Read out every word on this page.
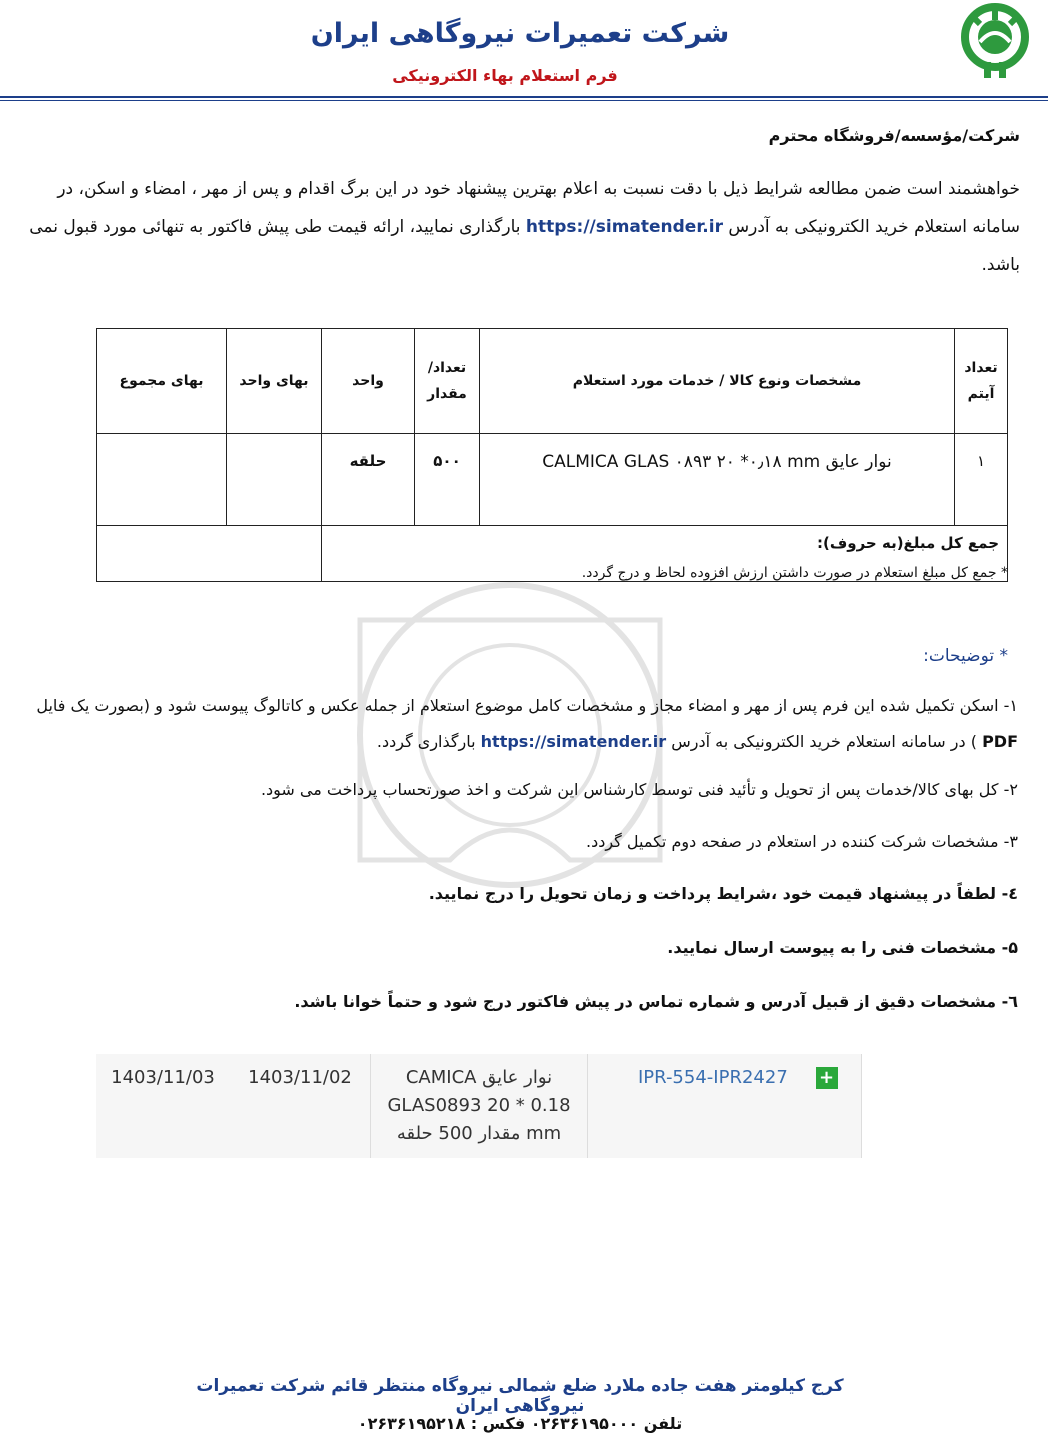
شرکت تعمیرات نیروگاهی ایران
فرم استعلام بهاء الکترونیکی
شرکت/مؤسسه/فروشگاه محترم
خواهشمند است ضمن مطالعه شرایط ذیل با دقت نسبت به اعلام بهترین پیشنهاد خود در این برگ اقدام و پس از مهر ، امضاء و اسکن، در سامانه استعلام خرید الکترونیکی به آدرس https://simatender.ir بارگذاری نمایید، ارائه قیمت طی پیش فاکتور به تنهائی مورد قبول نمی باشد.
تعداد آیتم	مشخصات ونوع کالا / خدمات مورد استعلام	تعداد/ مقدار	واحد	بهای واحد	بهای مجموع
۱	نوار عایق CALMICA GLAS ۰۸۹۳ ۲۰ *۰٫۱۸ mm	۵۰۰	حلقه		
جمع کل مبلغ(به حروف):					
* جمع کل مبلغ استعلام در صورت داشتن ارزش افزوده لحاظ و درج گردد.
* توضیحات:
۱- اسکن تکمیل شده این فرم پس از مهر و امضاء مجاز و مشخصات کامل موضوع استعلام از جمله عکس و کاتالوگ پیوست شود و (بصورت یک فایل PDF ) در سامانه استعلام خرید الکترونیکی به آدرس https://simatender.ir بارگذاری گردد.
۲- کل بهای کالا/خدمات پس از تحویل و تأئید فنی توسط کارشناس این شرکت و اخذ صورتحساب پرداخت می شود.
۳- مشخصات شرکت کننده در استعلام در صفحه دوم تکمیل گردد.
٤- لطفاً در پیشنهاد قیمت خود ،شرایط پرداخت و زمان تحویل را درج نمایید.
۵- مشخصات فنی را به پیوست ارسال نمایید.
٦- مشخصات دقیق از قبیل آدرس و شماره تماس در پیش فاکتور درج شود و حتماً خوانا باشد.
1403/11/03	1403/11/02	نوار عایق CAMICA GLAS0893 20 * 0.18 mm مقدار 500 حلقه	IPR-554-IPR2427 +
کرج کیلومتر هفت جاده ملارد ضلع شمالی نیروگاه منتظر قائم شرکت تعمیرات نیروگاهی ایران
تلفن ۰۲۶۳۶۱۹۵۰۰۰ فکس : ۰۲۶۳۶۱۹۵۲۱۸
